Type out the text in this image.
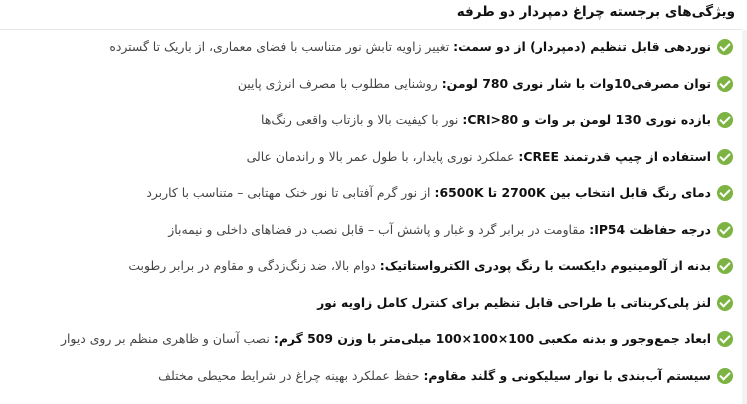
ویژگی‌های برجسته چراغ دمپردار دو طرفه
نوردهی قابل تنظیم (دمپردار) از دو سمت:
تغییر زاویه تابش نور متناسب با فضای معماری، از باریک تا گسترده
توان مصرفی10وات با شار نوری 780 لومن:
روشنایی مطلوب با مصرف انرژی پایین
بازده نوری 130 لومن بر وات و CRI>80:
نور با کیفیت بالا و بازتاب واقعی رنگ‌ها
استفاده از چیپ قدرتمند CREE:
عملکرد نوری پایدار، با طول عمر بالا و راندمان عالی
دمای رنگ قابل انتخاب بین 2700K تا 6500K:
از نور گرم آفتابی تا نور خنک مهتابی – متناسب با کاربرد
درجه حفاظت IP54:
مقاومت در برابر گرد و غبار و پاشش آب – قابل نصب در فضاهای داخلی و نیمه‌باز
بدنه از آلومینیوم دایکست با رنگ پودری الکترواستاتیک:
دوام بالا، ضد زنگ‌زدگی و مقاوم در برابر رطوبت
لنز پلی‌کربناتی با طراحی قابل تنظیم برای کنترل کامل زاویه نور
ابعاد جمع‌وجور و بدنه مکعبی 100×100×100 میلی‌متر با وزن 509 گرم:
نصب آسان و ظاهری منظم بر روی دیوار
سیستم آب‌بندی با نوار سیلیکونی و گلند مقاوم:
حفظ عملکرد بهینه چراغ در شرایط محیطی مختلف
